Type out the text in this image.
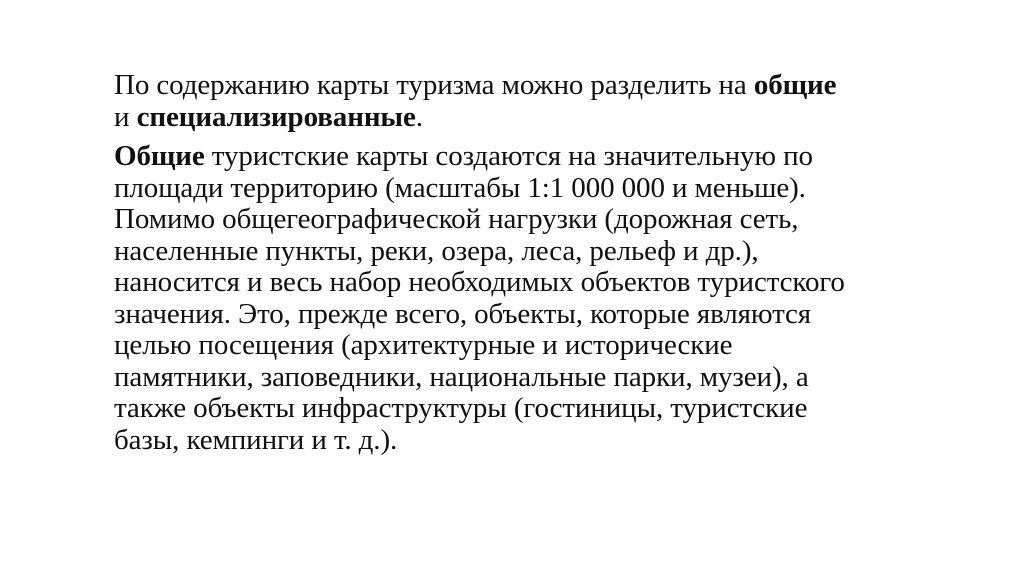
По содержанию карты туризма можно разделить на общие
и специализированные.

Общие туристские карты создаются на значительную по
площади территорию (масштабы 1:1 000 000 и меньше).
Помимо общегеографической нагрузки (дорожная сеть,
населенные пункты, реки, озера, леса, рельеф и др.),
наносится и весь набор необходимых объектов туристского
значения. Это, прежде всего, объекты, которые являются
целью посещения (архитектурные и исторические
памятники, заповедники, национальные парки, музеи), а
также объекты инфраструктуры (гостиницы, туристские
базы, кемпинги и т. д.).
